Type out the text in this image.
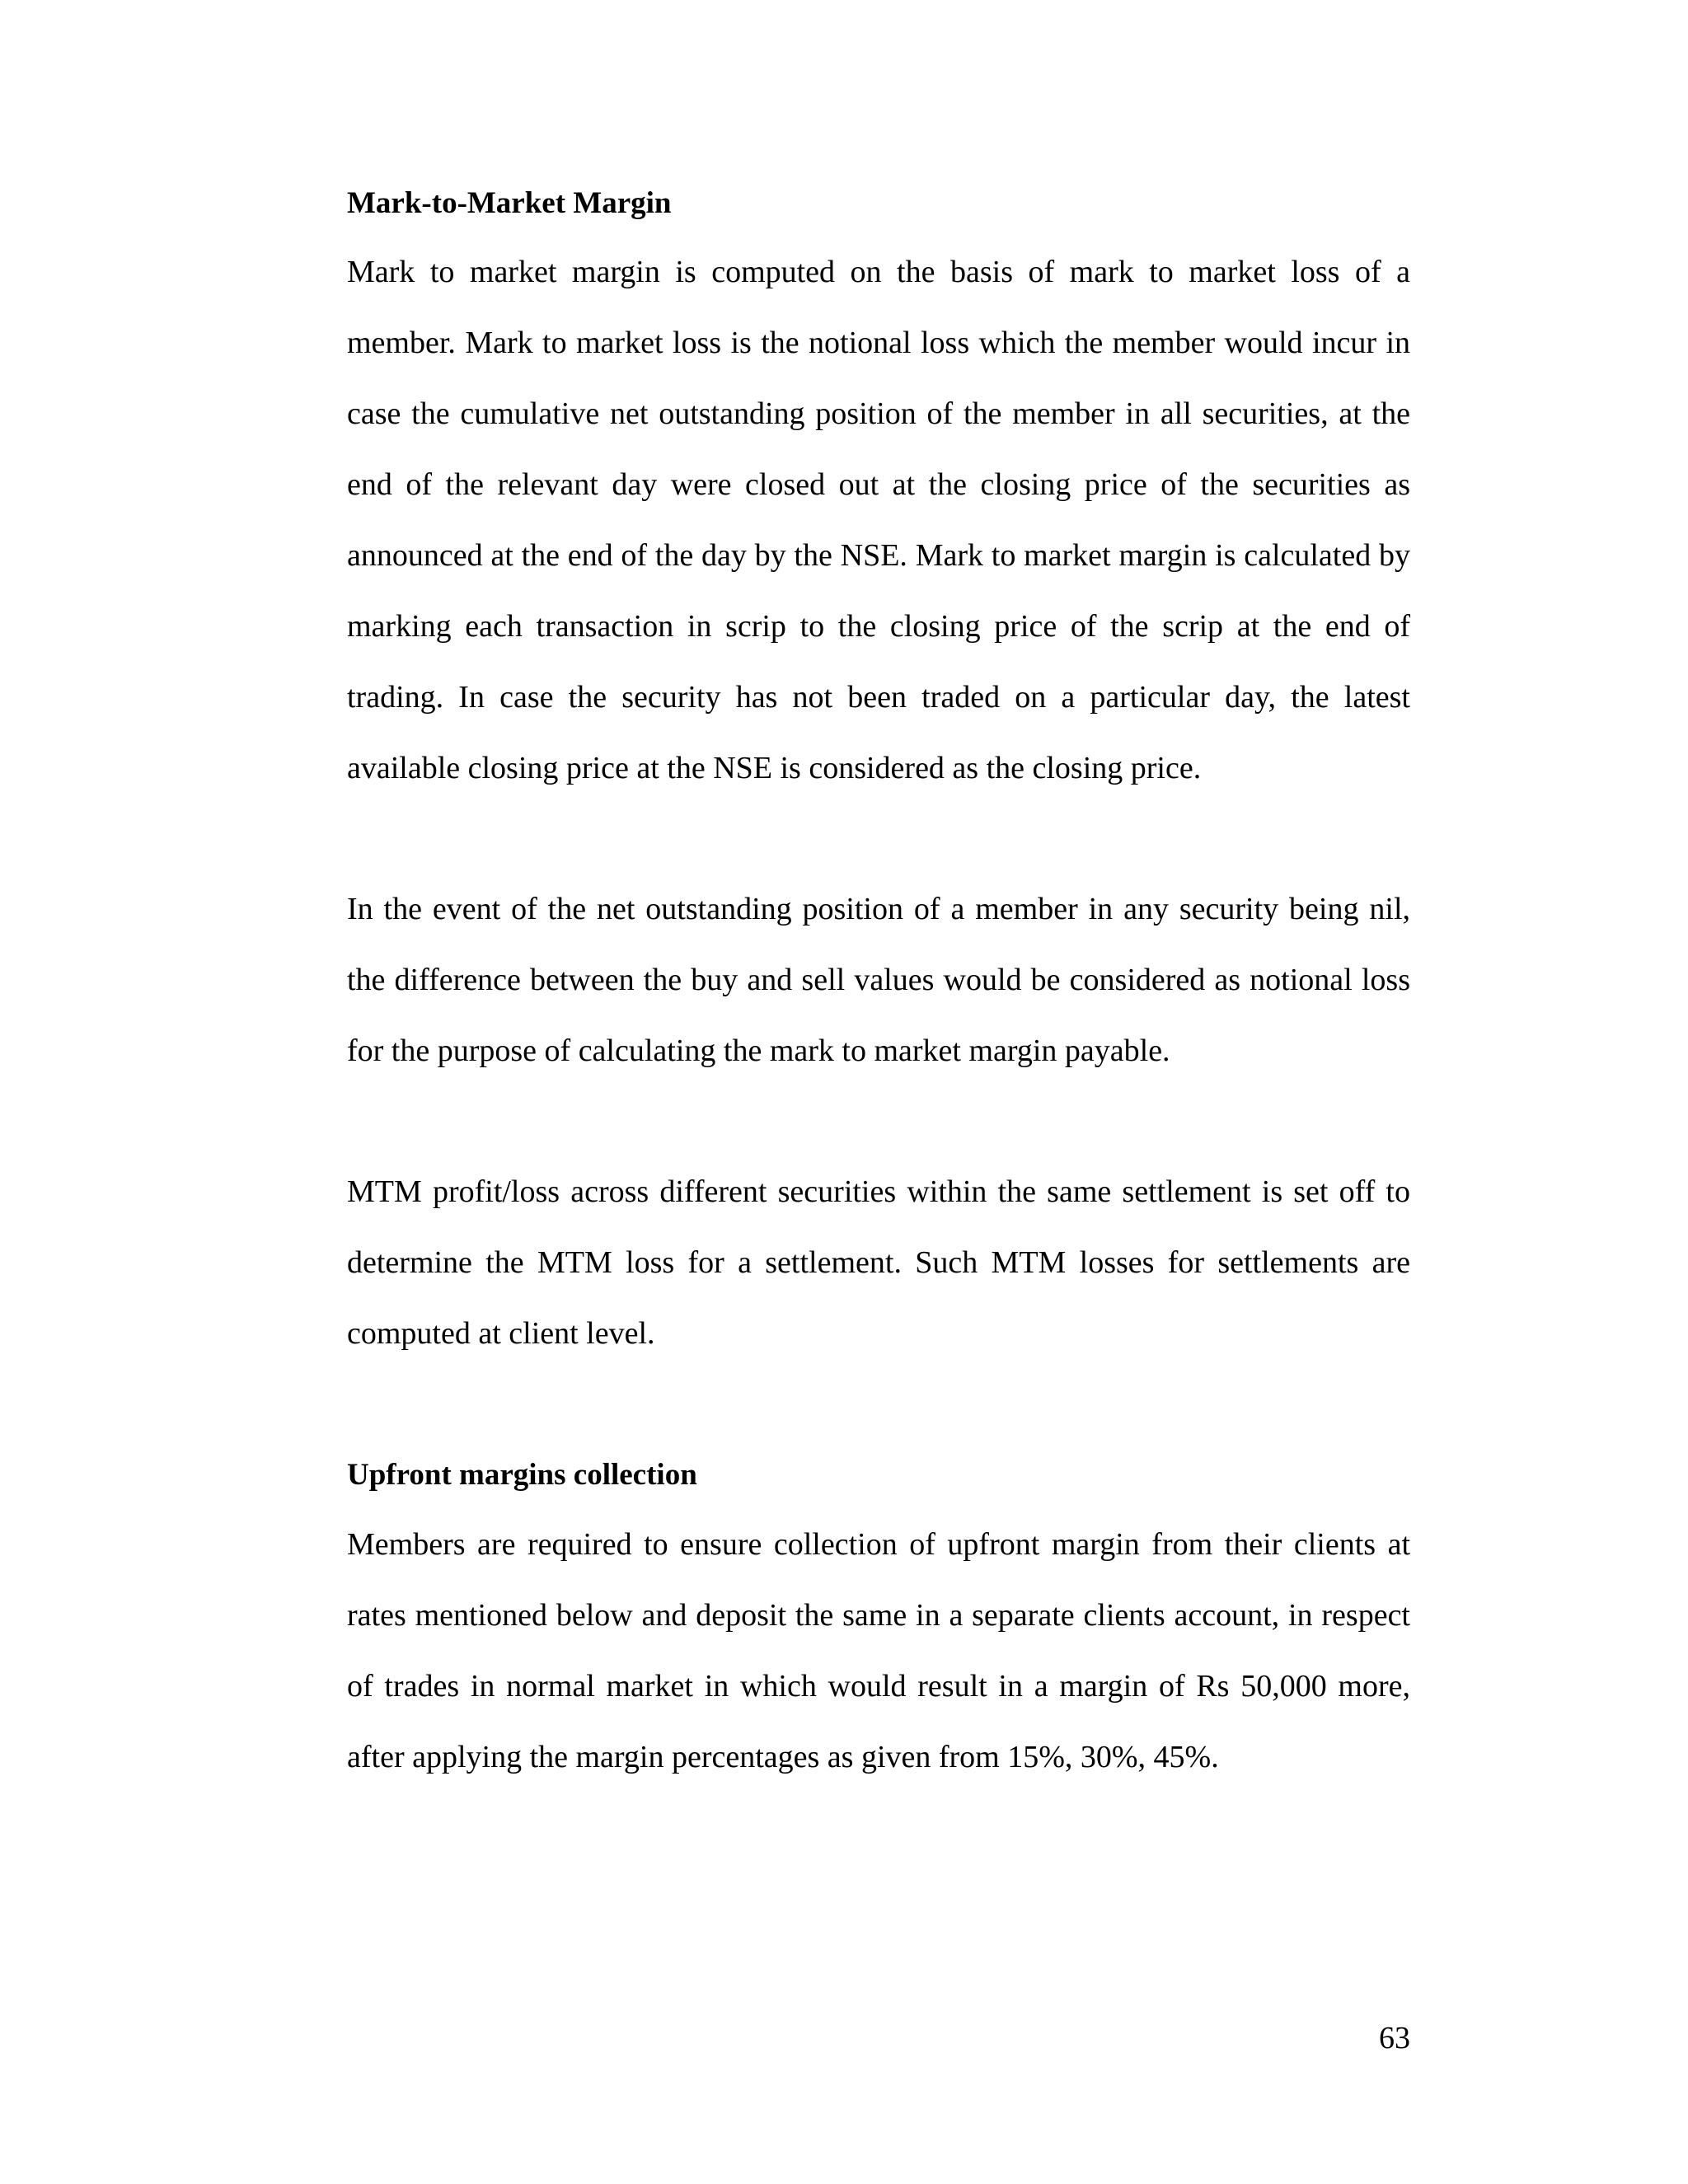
Mark-to-Market Margin

Mark to market margin is computed on the basis of mark to market loss of a member. Mark to market loss is the notional loss which the member would incur in case the cumulative net outstanding position of the member in all securities, at the end of the relevant day were closed out at the closing price of the securities as announced at the end of the day by the NSE. Mark to market margin is calculated by marking each transaction in scrip to the closing price of the scrip at the end of trading. In case the security has not been traded on a particular day, the latest available closing price at the NSE is considered as the closing price.

In the event of the net outstanding position of a member in any security being nil, the difference between the buy and sell values would be considered as notional loss for the purpose of calculating the mark to market margin payable.

MTM profit/loss across different securities within the same settlement is set off to determine the MTM loss for a settlement. Such MTM losses for settlements are computed at client level.

Upfront margins collection

Members are required to ensure collection of upfront margin from their clients at rates mentioned below and deposit the same in a separate clients account, in respect of trades in normal market in which would result in a margin of Rs 50,000 more, after applying the margin percentages as given from 15%, 30%, 45%.

63
